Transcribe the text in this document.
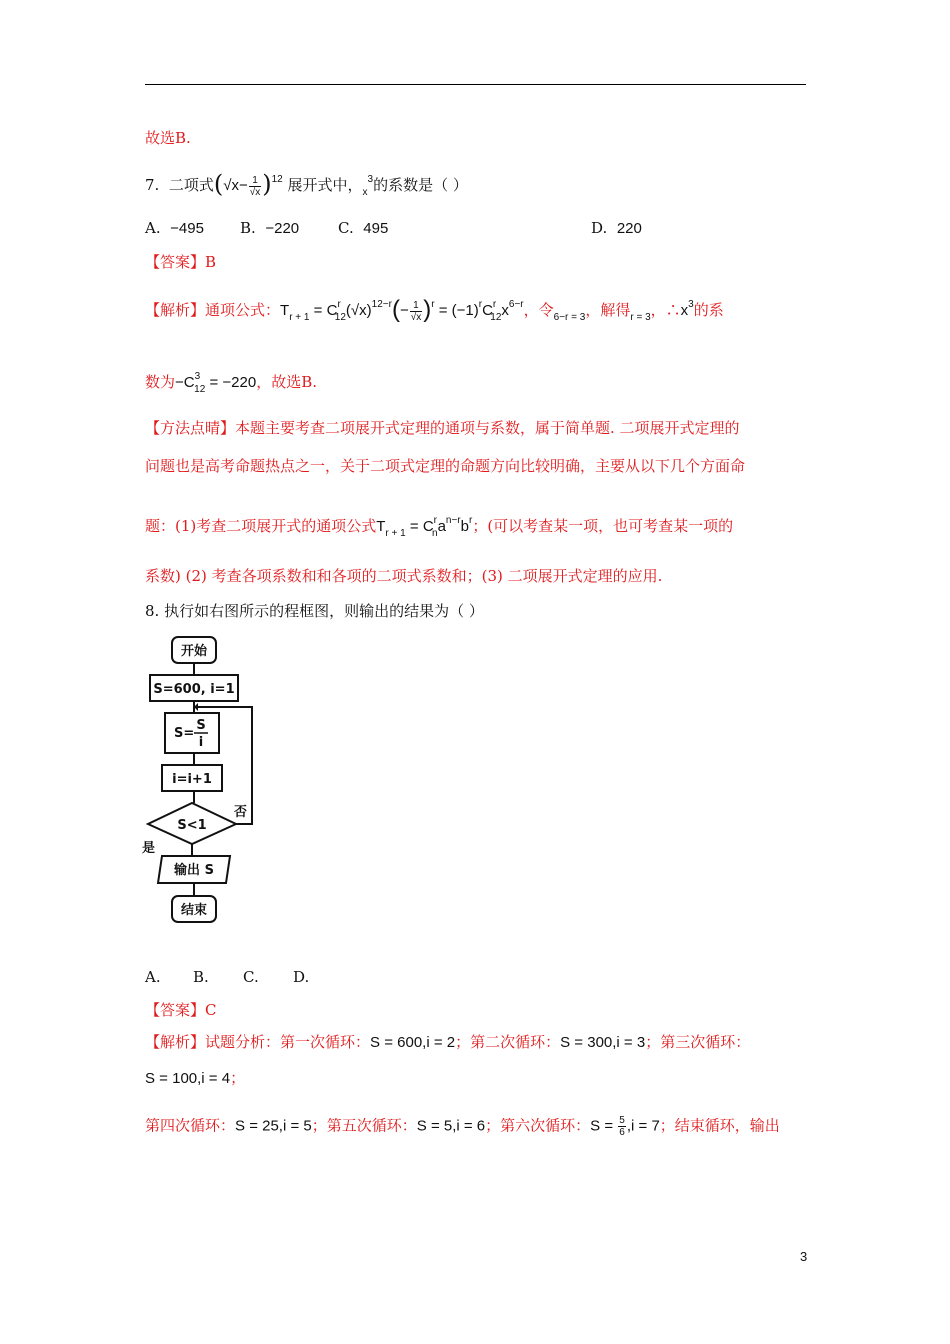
故选B.
7. 二项式$(√x- \frac{1}{√x} )^{12}$ 展开式中，$_x^3$的系数是（ ）
A. −495 B. −220	C. 495	D. 220
【答案】B
【解析】通项公式：$T_{r + 1} = C^r_{12}(√x)^{12-r}(- \frac{1}{√x} )^r = (-1)^rC^r_{12}x^{6-r}$，令$_{6-r = 3}$，解得$_{r = 3}$，$\therefore x^3$的系
数为$-C^3_{12} = -220$，故选B.
【方法点晴】本题主要考查二项展开式定理的通项与系数，属于简单题. 二项展开式定理的
问题也是高考命题热点之一，关于二项式定理的命题方向比较明确，主要从以下几个方面命
题：(1)考查二项展开式的通项公式$T_{r + 1} = C^r_na^{n-r}b^r$；(可以考查某一项，也可考查某一项的
系数) (2) 考查各项系数和和各项的二项式系数和；(3) 二项展开式定理的应用.
8. 执行如右图所示的程框图，则输出的结果为（ ）
开始
S=600, i=1
S=
S
i
i=i+1
S<1
否
是
输出 S
结束
A. B. C. D.
【答案】C
【解析】试题分析：第一次循环：S = 600,i = 2；第二次循环：S = 300,i = 3；第三次循环：
S = 100,i = 4；
第四次循环：S = 25,i = 5；第五次循环：S = 5,i = 6；第六次循环：$S = \frac{5}{6} ,i = 7$；结束循环，输出
3
